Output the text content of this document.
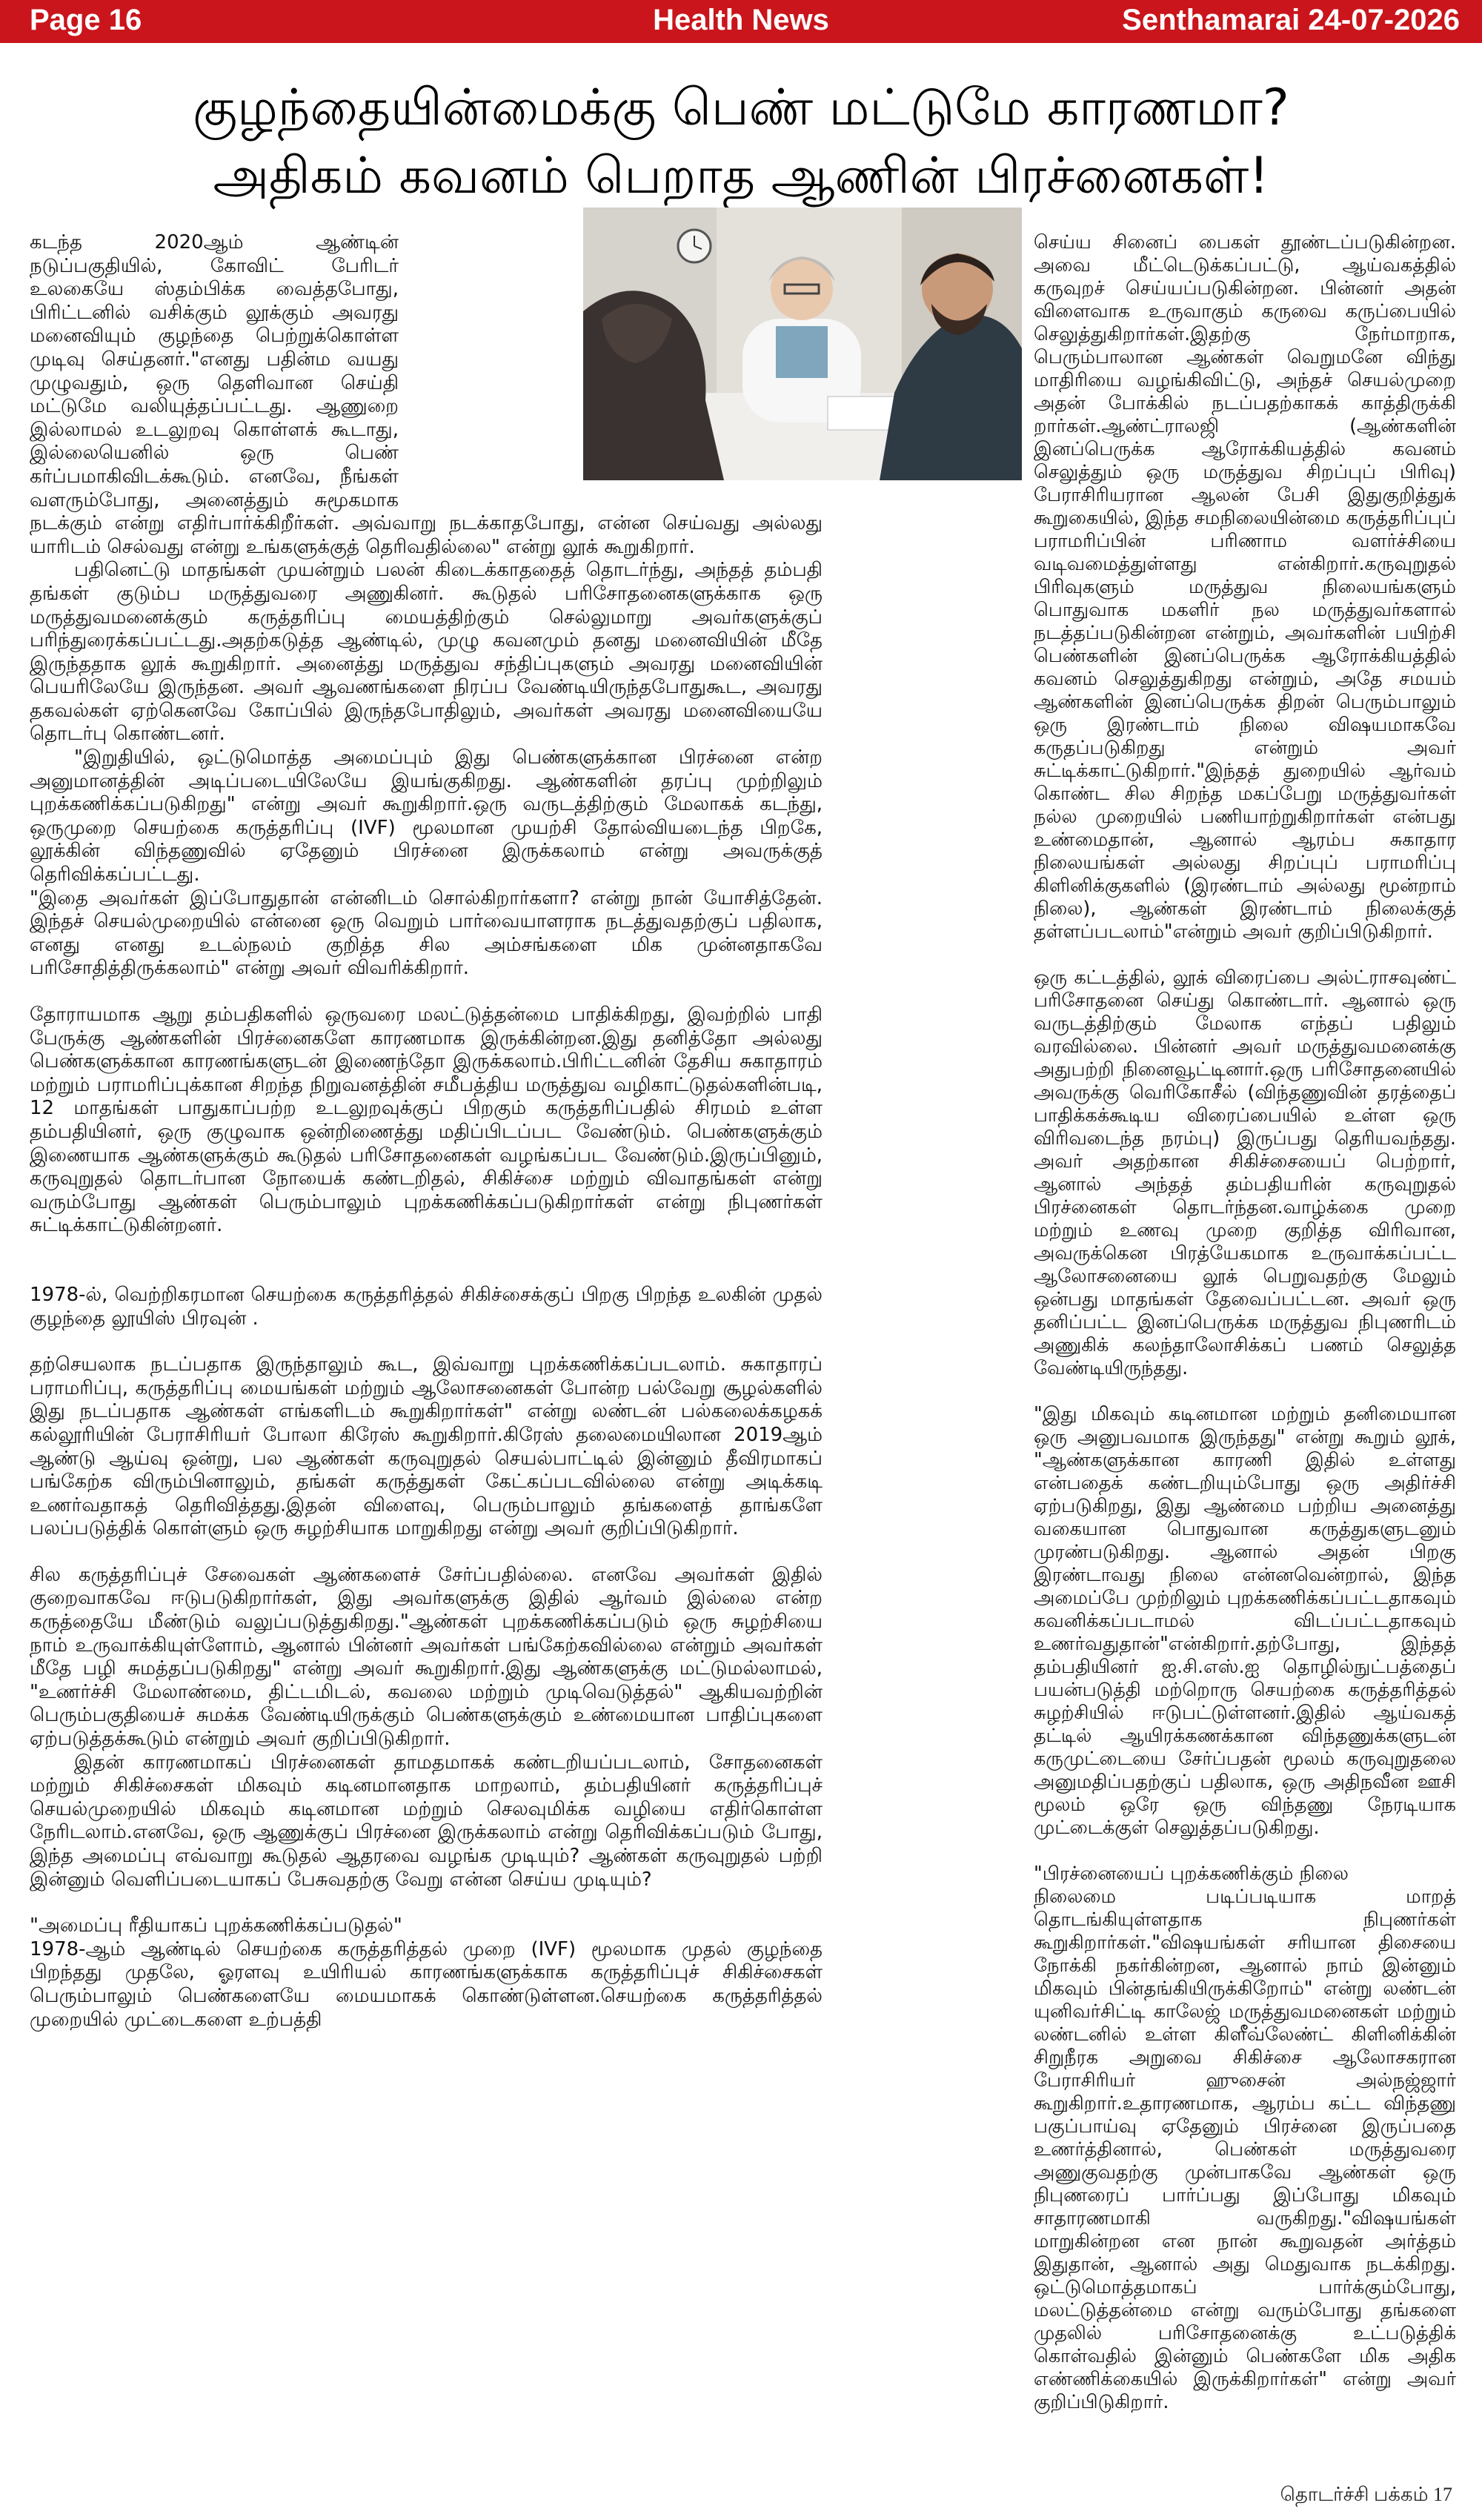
Health News
Page 16	Senthamarai 24-07-2026
குழந்தையின்மைக்கு பெண் மட்டுமே காரணமா?
அதிகம் கவனம் பெறாத ஆணின் பிரச்னைகள்!

கடந்த 2020ஆம் ஆண்டின் நடுப்பகுதியில், கோவிட் பேரிடர் உலகையே ஸ்தம்பிக்க வைத்தபோது, பிரிட்டனில் வசிக்கும் லூக்கும் அவரது மனைவியும் குழந்தை பெற்றுக்கொள்ள முடிவு செய்தனர்."எனது பதின்ம வயது முழுவதும், ஒரு தெளிவான செய்தி மட்டுமே வலியுத்தப்பட்டது. ஆணுறை இல்லாமல் உடலுறவு கொள்ளக் கூடாது, இல்லையெனில் ஒரு பெண் கர்ப்பமாகிவிடக்கூடும். எனவே, நீங்கள் வளரும்போது, அனைத்தும் சுமூகமாக நடக்கும் என்று எதிர்பார்க்கிறீர்கள். அவ்வாறு நடக்காதபோது, என்ன செய்வது அல்லது யாரிடம் செல்வது என்று உங்களுக்குத் தெரிவதில்லை" என்று லூக் கூறுகிறார்.

பதினெட்டு மாதங்கள் முயன்றும் பலன் கிடைக்காததைத் தொடர்ந்து, அந்தத் தம்பதி தங்கள் குடும்ப மருத்துவரை அணுகினர். கூடுதல் பரிசோதனைகளுக்காக ஒரு மருத்துவமனைக்கும் கருத்தரிப்பு மையத்திற்கும் செல்லுமாறு அவர்களுக்குப் பரிந்துரைக்கப்பட்டது.அதற்கடுத்த ஆண்டில், முழு கவனமும் தனது மனைவியின் மீதே இருந்ததாக லூக் கூறுகிறார். அனைத்து மருத்துவ சந்திப்புகளும் அவரது மனைவியின் பெயரிலேயே இருந்தன. அவர் ஆவணங்களை நிரப்ப வேண்டியிருந்தபோதுகூட, அவரது தகவல்கள் ஏற்கெனவே கோப்பில் இருந்தபோதிலும், அவர்கள் அவரது மனைவியையே தொடர்பு கொண்டனர்.

"இறுதியில், ஒட்டுமொத்த அமைப்பும் இது பெண்களுக்கான பிரச்னை என்ற அனுமானத்தின் அடிப்படையிலேயே இயங்குகிறது. ஆண்களின் தரப்பு முற்றிலும் புறக்கணிக்கப்படுகிறது" என்று அவர் கூறுகிறார்.ஒரு வருடத்திற்கும் மேலாகக் கடந்து, ஒருமுறை செயற்கை கருத்தரிப்பு (IVF) மூலமான முயற்சி தோல்வியடைந்த பிறகே, லூக்கின் விந்தணுவில் ஏதேனும் பிரச்னை இருக்கலாம் என்று அவருக்குத் தெரிவிக்கப்பட்டது.

"இதை அவர்கள் இப்போதுதான் என்னிடம் சொல்கிறார்களா? என்று நான் யோசித்தேன். இந்தச் செயல்முறையில் என்னை ஒரு வெறும் பார்வையாளராக நடத்துவதற்குப் பதிலாக, எனது எனது உடல்நலம் குறித்த சில அம்சங்களை மிக முன்னதாகவே பரிசோதித்திருக்கலாம்" என்று அவர் விவரிக்கிறார்.

தோராயமாக ஆறு தம்பதிகளில் ஒருவரை மலட்டுத்தன்மை பாதிக்கிறது, இவற்றில் பாதி பேருக்கு ஆண்களின் பிரச்னைகளே காரணமாக இருக்கின்றன.இது தனித்தோ அல்லது பெண்களுக்கான காரணங்களுடன் இணைந்தோ இருக்கலாம்.பிரிட்டனின் தேசிய சுகாதாரம் மற்றும் பராமரிப்புக்கான சிறந்த நிறுவனத்தின் சமீபத்திய மருத்துவ வழிகாட்டுதல்களின்படி, 12 மாதங்கள் பாதுகாப்பற்ற உடலுறவுக்குப் பிறகும் கருத்தரிப்பதில் சிரமம் உள்ள தம்பதியினர், ஒரு குழுவாக ஒன்றிணைத்து மதிப்பிடப்பட வேண்டும். பெண்களுக்கும் இணையாக ஆண்களுக்கும் கூடுதல் பரிசோதனைகள் வழங்கப்பட வேண்டும்.இருப்பினும், கருவுறுதல் தொடர்பான நோயைக் கண்டறிதல், சிகிச்சை மற்றும் விவாதங்கள் என்று வரும்போது ஆண்கள் பெரும்பாலும் புறக்கணிக்கப்படுகிறார்கள் என்று நிபுணர்கள் சுட்டிக்காட்டுகின்றனர்.

1978-ல், வெற்றிகரமான செயற்கை கருத்தரித்தல் சிகிச்சைக்குப் பிறகு பிறந்த உலகின் முதல் குழந்தை லூயிஸ் பிரவுன் .

தற்செயலாக நடப்பதாக இருந்தாலும் கூட, இவ்வாறு புறக்கணிக்கப்படலாம். சுகாதாரப் பராமரிப்பு, கருத்தரிப்பு மையங்கள் மற்றும் ஆலோசனைகள் போன்ற பல்வேறு சூழல்களில் இது நடப்பதாக ஆண்கள் எங்களிடம் கூறுகிறார்கள்" என்று லண்டன் பல்கலைக்கழகக் கல்லூரியின் பேராசிரியர் போலா கிரேஸ் கூறுகிறார்.கிரேஸ் தலைமையிலான 2019ஆம் ஆண்டு ஆய்வு ஒன்று, பல ஆண்கள் கருவுறுதல் செயல்பாட்டில் இன்னும் தீவிரமாகப் பங்கேற்க விரும்பினாலும், தங்கள் கருத்துகள் கேட்கப்படவில்லை என்று அடிக்கடி உணர்வதாகத் தெரிவித்தது.இதன் விளைவு, பெரும்பாலும் தங்களைத் தாங்களே பலப்படுத்திக் கொள்ளும் ஒரு சுழற்சியாக மாறுகிறது என்று அவர் குறிப்பிடுகிறார்.

சில கருத்தரிப்புச் சேவைகள் ஆண்களைச் சேர்ப்பதில்லை. எனவே அவர்கள் இதில் குறைவாகவே ஈடுபடுகிறார்கள், இது அவர்களுக்கு இதில் ஆர்வம் இல்லை என்ற கருத்தையே மீண்டும் வலுப்படுத்துகிறது."ஆண்கள் புறக்கணிக்கப்படும் ஒரு சுழற்சியை நாம் உருவாக்கியுள்ளோம், ஆனால் பின்னர் அவர்கள் பங்கேற்கவில்லை என்றும் அவர்கள் மீதே பழி சுமத்தப்படுகிறது" என்று அவர் கூறுகிறார்.இது ஆண்களுக்கு மட்டுமல்லாமல், "உணர்ச்சி மேலாண்மை, திட்டமிடல், கவலை மற்றும் முடிவெடுத்தல்" ஆகியவற்றின் பெரும்பகுதியைச் சுமக்க வேண்டியிருக்கும் பெண்களுக்கும் உண்மையான பாதிப்புகளை ஏற்படுத்தக்கூடும் என்றும் அவர் குறிப்பிடுகிறார்.

இதன் காரணமாகப் பிரச்னைகள் தாமதமாகக் கண்டறியப்படலாம், சோதனைகள் மற்றும் சிகிச்சைகள் மிகவும் கடினமானதாக மாறலாம், தம்பதியினர் கருத்தரிப்புச் செயல்முறையில் மிகவும் கடினமான மற்றும் செலவுமிக்க வழியை எதிர்கொள்ள நேரிடலாம்.எனவே, ஒரு ஆணுக்குப் பிரச்னை இருக்கலாம் என்று தெரிவிக்கப்படும் போது, இந்த அமைப்பு எவ்வாறு கூடுதல் ஆதரவை வழங்க முடியும்? ஆண்கள் கருவுறுதல் பற்றி இன்னும் வெளிப்படையாகப் பேசுவதற்கு வேறு என்ன செய்ய முடியும்?

"அமைப்பு ரீதியாகப் புறக்கணிக்கப்படுதல்"

1978-ஆம் ஆண்டில் செயற்கை கருத்தரித்தல் முறை (IVF) மூலமாக முதல் குழந்தை பிறந்தது முதலே, ஓரளவு உயிரியல் காரணங்களுக்காக கருத்தரிப்புச் சிகிச்சைகள் பெரும்பாலும் பெண்களையே மையமாகக் கொண்டுள்ளன.செயற்கை கருத்தரித்தல் முறையில் முட்டைகளை உற்பத்தி

செய்ய சினைப் பைகள் தூண்டப்படுகின்றன. அவை மீட்டெடுக்கப்பட்டு, ஆய்வகத்தில் கருவுறச் செய்யப்படுகின்றன. பின்னர் அதன் விளைவாக உருவாகும் கருவை கருப்பையில் செலுத்துகிறார்கள்.இதற்கு நேர்மாறாக, பெரும்பாலான ஆண்கள் வெறுமனே விந்து மாதிரியை வழங்கிவிட்டு, அந்தச் செயல்முறை அதன் போக்கில் நடப்பதற்காகக் காத்திருக்கி றார்கள்.ஆண்ட்ராலஜி (ஆண்களின் இனப்பெருக்க ஆரோக்கியத்தில் கவனம் செலுத்தும் ஒரு மருத்துவ சிறப்புப் பிரிவு) பேராசிரியரான ஆலன் பேசி இதுகுறித்துக் கூறுகையில், இந்த சமநிலையின்மை கருத்தரிப்புப் பராமரிப்பின் பரிணாம வளர்ச்சியை வடிவமைத்துள்ளது என்கிறார்.கருவுறுதல் பிரிவுகளும் மருத்துவ நிலையங்களும் பொதுவாக மகளிர் நல மருத்துவர்களால் நடத்தப்படுகின்றன என்றும், அவர்களின் பயிற்சி பெண்களின் இனப்பெருக்க ஆரோக்கியத்தில் கவனம் செலுத்துகிறது என்றும், அதே சமயம் ஆண்களின் இனப்பெருக்க திறன் பெரும்பாலும் ஒரு இரண்டாம் நிலை விஷயமாகவே கருதப்படுகிறது என்றும் அவர் சுட்டிக்காட்டுகிறார்."இந்தத் துறையில் ஆர்வம் கொண்ட சில சிறந்த மகப்பேறு மருத்துவர்கள் நல்ல முறையில் பணியாற்றுகிறார்கள் என்பது உண்மைதான், ஆனால் ஆரம்ப சுகாதார நிலையங்கள் அல்லது சிறப்புப் பராமரிப்பு கிளினிக்குகளில் (இரண்டாம் அல்லது மூன்றாம் நிலை), ஆண்கள் இரண்டாம் நிலைக்குத் தள்ளப்படலாம்"என்றும் அவர் குறிப்பிடுகிறார்.

ஒரு கட்டத்தில், லூக் விரைப்பை அல்ட்ராசவுண்ட் பரிசோதனை செய்து கொண்டார். ஆனால் ஒரு வருடத்திற்கும் மேலாக எந்தப் பதிலும் வரவில்லை. பின்னர் அவர் மருத்துவமனைக்கு அதுபற்றி நினைவூட்டினார்.ஒரு பரிசோதனையில் அவருக்கு வெரிகோசீல் (விந்தணுவின் தரத்தைப் பாதிக்கக்கூடிய விரைப்பையில் உள்ள ஒரு விரிவடைந்த நரம்பு) இருப்பது தெரியவந்தது. அவர் அதற்கான சிகிச்சையைப் பெற்றார், ஆனால் அந்தத் தம்பதியரின் கருவுறுதல் பிரச்னைகள் தொடர்ந்தன.வாழ்க்கை முறை மற்றும் உணவு முறை குறித்த விரிவான, அவருக்கென பிரத்யேகமாக உருவாக்கப்பட்ட ஆலோசனையை லூக் பெறுவதற்கு மேலும் ஒன்பது மாதங்கள் தேவைப்பட்டன. அவர் ஒரு தனிப்பட்ட இனப்பெருக்க மருத்துவ நிபுணரிடம் அணுகிக் கலந்தாலோசிக்கப் பணம் செலுத்த வேண்டியிருந்தது.

"இது மிகவும் கடினமான மற்றும் தனிமையான ஒரு அனுபவமாக இருந்தது" என்று கூறும் லூக், "ஆண்களுக்கான காரணி இதில் உள்ளது என்பதைக் கண்டறியும்போது ஒரு அதிர்ச்சி ஏற்படுகிறது, இது ஆண்மை பற்றிய அனைத்து வகையான பொதுவான கருத்துகளுடனும் முரண்படுகிறது. ஆனால் அதன் பிறகு இரண்டாவது நிலை என்னவென்றால், இந்த அமைப்பே முற்றிலும் புறக்கணிக்கப்பட்டதாகவும் கவனிக்கப்படாமல் விடப்பட்டதாகவும் உணர்வதுதான்"என்கிறார்.தற்போது, இந்தத் தம்பதியினர் ஐ.சி.எஸ்.ஐ தொழில்நுட்பத்தைப் பயன்படுத்தி மற்றொரு செயற்கை கருத்தரித்தல் சுழற்சியில் ஈடுபட்டுள்ளனர்.இதில் ஆய்வகத் தட்டில் ஆயிரக்கணக்கான விந்தணுக்களுடன் கருமுட்டையை சேர்ப்பதன் மூலம் கருவுறுதலை அனுமதிப்பதற்குப் பதிலாக, ஒரு அதிநவீன ஊசி மூலம் ஒரே ஒரு விந்தணு நேரடியாக முட்டைக்குள் செலுத்தப்படுகிறது.

"பிரச்னையைப் புறக்கணிக்கும் நிலை

நிலைமை படிப்படியாக மாறத் தொடங்கியுள்ளதாக நிபுணர்கள் கூறுகிறார்கள்."விஷயங்கள் சரியான திசையை நோக்கி நகர்கின்றன, ஆனால் நாம் இன்னும் மிகவும் பின்தங்கியிருக்கிறோம்" என்று லண்டன் யுனிவர்சிட்டி காலேஜ் மருத்துவமனைகள் மற்றும் லண்டனில் உள்ள கிளீவ்லேண்ட் கிளினிக்கின் சிறுநீரக அறுவை சிகிச்சை ஆலோசகரான பேராசிரியர் ஹுசைன் அல்நஜ்ஜார் கூறுகிறார்.உதாரணமாக, ஆரம்ப கட்ட விந்தணு பகுப்பாய்வு ஏதேனும் பிரச்னை இருப்பதை உணர்த்தினால், பெண்கள் மருத்துவரை அணுகுவதற்கு முன்பாகவே ஆண்கள் ஒரு நிபுணரைப் பார்ப்பது இப்போது மிகவும் சாதாரணமாகி வருகிறது."விஷயங்கள் மாறுகின்றன என நான் கூறுவதன் அர்த்தம் இதுதான், ஆனால் அது மெதுவாக நடக்கிறது. ஒட்டுமொத்தமாகப் பார்க்கும்போது, மலட்டுத்தன்மை என்று வரும்போது தங்களை முதலில் பரிசோதனைக்கு உட்படுத்திக் கொள்வதில் இன்னும் பெண்களே மிக அதிக எண்ணிக்கையில் இருக்கிறார்கள்" என்று அவர் குறிப்பிடுகிறார்.

தொடர்ச்சி பக்கம் 17
